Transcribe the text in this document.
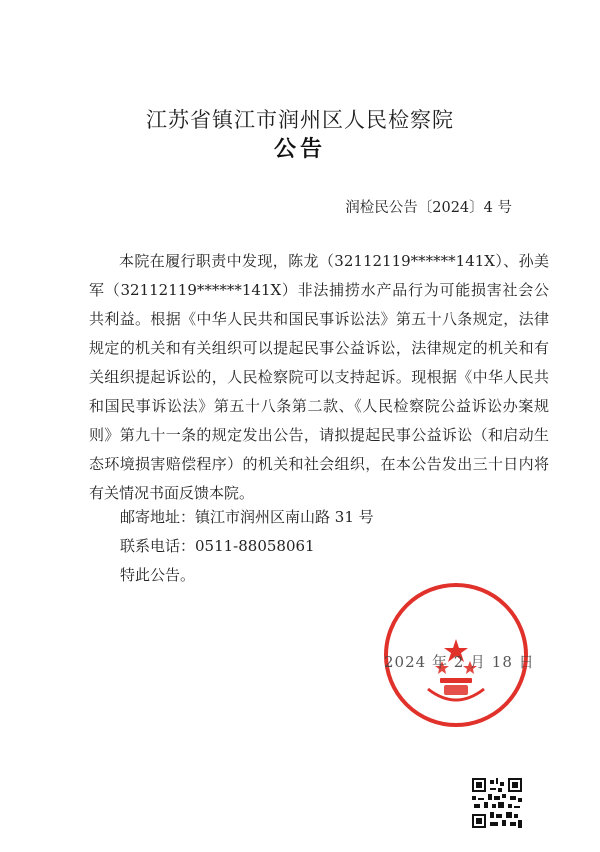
江苏省镇江市润州区人民检察院
公告
润检民公告〔2024〕4 号

本院在履行职责中发现，陈龙（32112119******141X）、孙美军（32112119******141X）非法捕捞水产品行为可能损害社会公共利益。根据《中华人民共和国民事诉讼法》第五十八条规定，法律规定的机关和有关组织可以提起民事公益诉讼，法律规定的机关和有关组织提起诉讼的，人民检察院可以支持起诉。现根据《中华人民共和国民事诉讼法》第五十八条第二款、《人民检察院公益诉讼办案规则》第九十一条的规定发出公告，请拟提起民事公益诉讼（和启动生态环境损害赔偿程序）的机关和社会组织，在本公告发出三十日内将有关情况书面反馈本院。

邮寄地址：镇江市润州区南山路 31 号
联系电话：0511-88058061
特此公告。
2024 年 2 月 18 日
